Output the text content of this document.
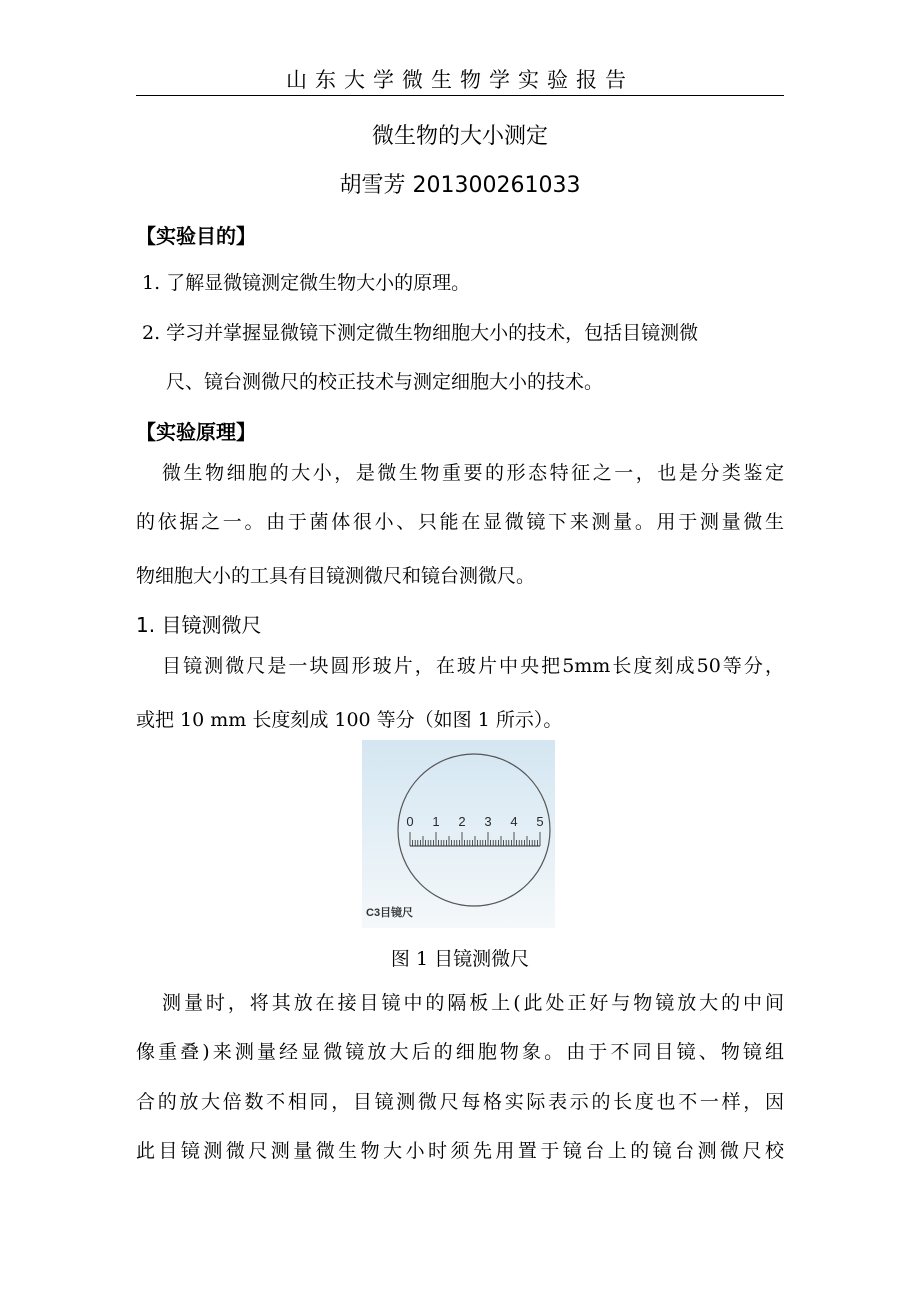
山东大学微生物学实验报告
微生物的大小测定
胡雪芳 201300261033
【实验目的】
1. 了解显微镜测定微生物大小的原理。
2. 学习并掌握显微镜下测定微生物细胞大小的技术，包括目镜测微
尺、镜台测微尺的校正技术与测定细胞大小的技术。
【实验原理】
微生物细胞的大小，是微生物重要的形态特征之一，也是分类鉴定
的依据之一。由于菌体很小、只能在显微镜下来测量。用于测量微生
物细胞大小的工具有目镜测微尺和镜台测微尺。
1. 目镜测微尺
目镜测微尺是一块圆形玻片，在玻片中央把5mm长度刻成50等分，
或把 10 mm 长度刻成 100 等分（如图 1 所示）。
0 1 2 3 4 5
C3目镜尺
图 1 目镜测微尺
测量时，将其放在接目镜中的隔板上(此处正好与物镜放大的中间
像重叠)来测量经显微镜放大后的细胞物象。由于不同目镜、物镜组
合的放大倍数不相同，目镜测微尺每格实际表示的长度也不一样，因
此目镜测微尺测量微生物大小时须先用置于镜台上的镜台测微尺校
